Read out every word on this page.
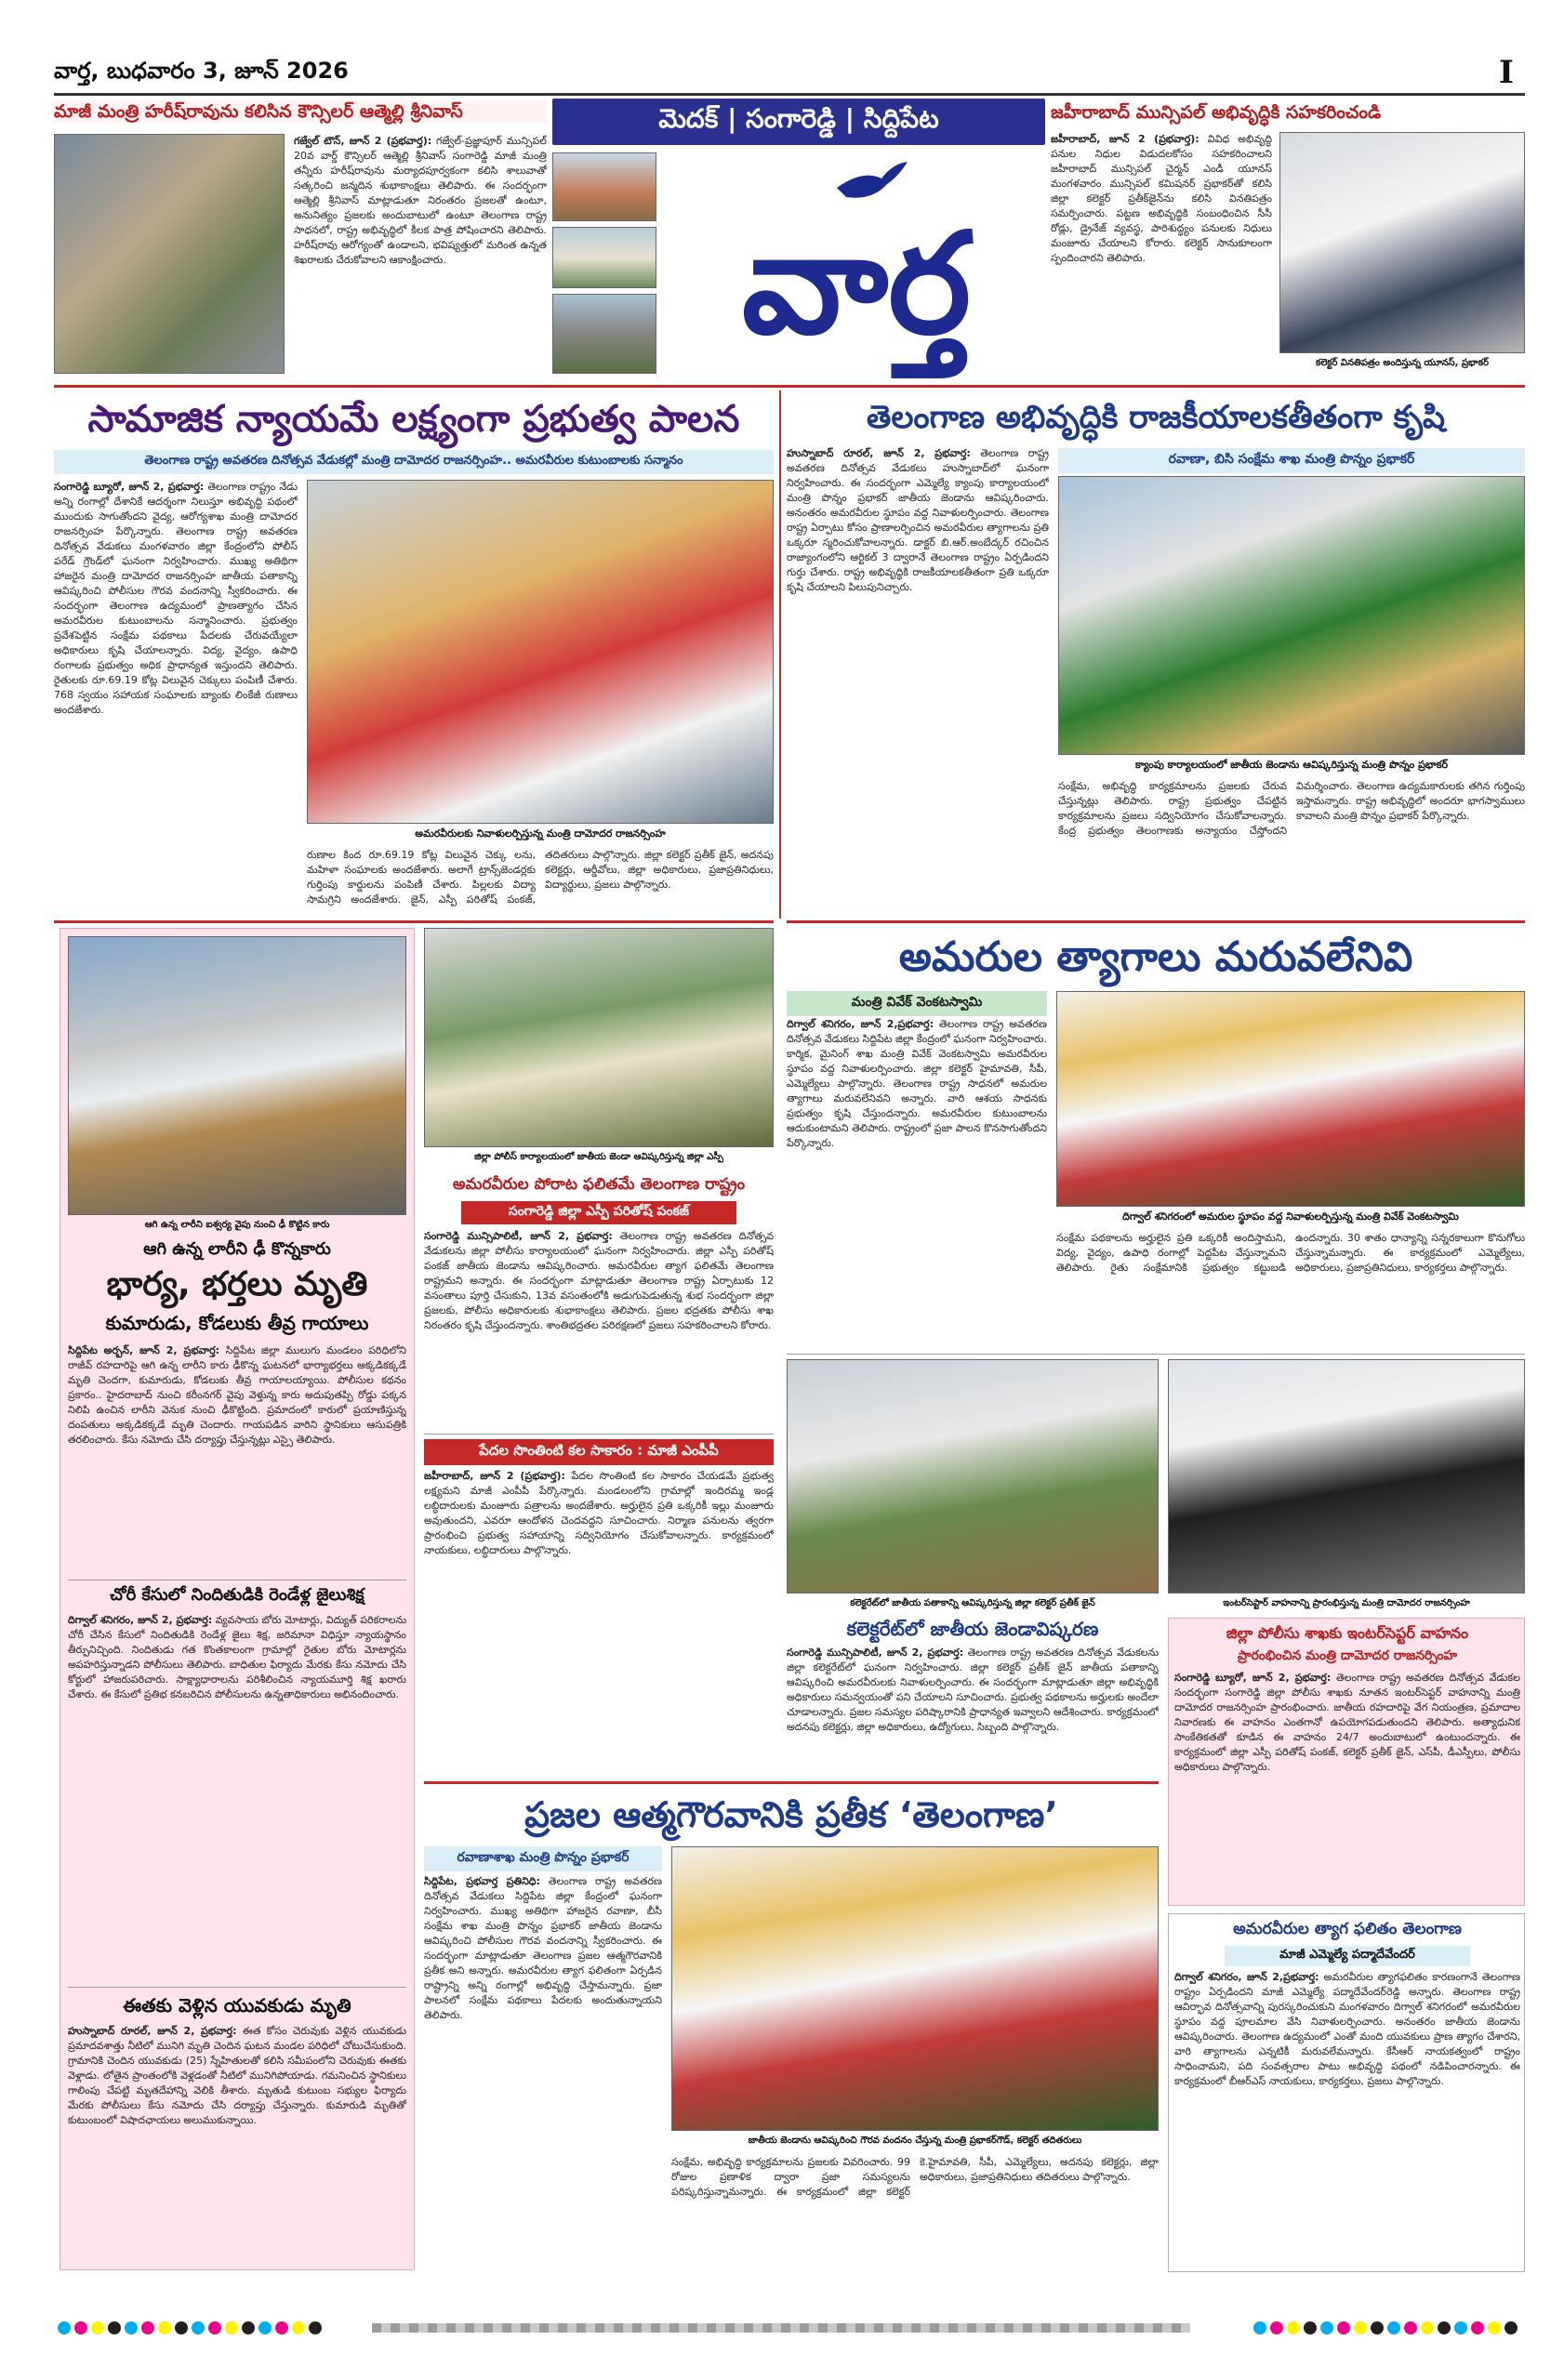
వార్త, బుధవారం 3, జూన్ 2026	I
మాజీ మంత్రి హరీష్‌రావును కలిసిన కౌన్సిలర్ ఆత్మెల్లి శ్రీనివాస్
గజ్వేల్ టౌన్, జూన్ 2 (ప్రభవార్త): గజ్వేల్-ప్రజ్ఞాపూర్ మున్సిపల్ 20వ వార్డ్ కౌన్సిలర్ ఆత్మెల్లి శ్రీనివాస్ సంగారెడ్డి మాజీ మంత్రి తన్నీరు హరీష్‌రావును మర్యాదపూర్వకంగా కలిసి శాలువాతో సత్కరించి జన్మదిన శుభాకాంక్షలు తెలిపారు. ఈ సందర్భంగా ఆత్మెల్లి శ్రీనివాస్ మాట్లాడుతూ నిరంతరం ప్రజలతో ఉంటూ, అనునిత్యం ప్రజలకు అందుబాటులో ఉంటూ తెలంగాణ రాష్ట్ర సాధనలో, రాష్ట్ర అభివృద్ధిలో కీలక పాత్ర పోషించారని తెలిపారు. హరీష్‌రావు ఆరోగ్యంతో ఉండాలని, భవిష్యత్తులో మరింత ఉన్నత శిఖరాలకు చేరుకోవాలని ఆకాంక్షించారు.
మెదక్ | సంగారెడ్డి | సిద్దిపేట
వార్త
జహీరాబాద్ మున్సిపల్ అభివృద్ధికి సహకరించండి
జహీరాబాద్, జూన్ 2 (ప్రభవార్త): వివిధ అభివృద్ధి పనుల నిధుల విడుదలకోసం సహకరించాలని జహీరాబాద్ మున్సిపల్ చైర్మన్ ఎండీ యూనస్ మంగళవారం మున్సిపల్ కమిషనర్ ప్రభాకర్‌తో కలిసి జిల్లా కలెక్టర్ ప్రతీక్‌జైన్‌ను కలిసి వినతిపత్రం సమర్పించారు. పట్టణ అభివృద్ధికి సంబంధించిన సీసీ రోడ్లు, డ్రైనేజ్ వ్యవస్థ, పారిశుద్ధ్యం పనులకు నిధులు మంజూరు చేయాలని కోరారు. కలెక్టర్ సానుకూలంగా స్పందించారని తెలిపారు.
కలెక్టర్ వినతిపత్రం అందిస్తున్న యూనస్, ప్రభాకర్
సామాజిక న్యాయమే లక్ష్యంగా ప్రభుత్వ పాలన
తెలంగాణ రాష్ట్ర అవతరణ దినోత్సవ వేడుకల్లో మంత్రి దామోదర రాజనర్సింహ.. అమరవీరుల కుటుంబాలకు సన్మానం
సంగారెడ్డి బ్యూరో, జూన్ 2, ప్రభవార్త: తెలంగాణ రాష్ట్రం నేడు అన్ని రంగాల్లో దేశానికే ఆదర్శంగా నిలుస్తూ అభివృద్ధి పథంలో ముందుకు సాగుతోందని వైద్య, ఆరోగ్యశాఖ మంత్రి దామోదర రాజనర్సింహ పేర్కొన్నారు. తెలంగాణ రాష్ట్ర అవతరణ దినోత్సవ వేడుకలు మంగళవారం జిల్లా కేంద్రంలోని పోలీస్ పరేడ్ గ్రౌండ్‌లో ఘనంగా నిర్వహించారు. ముఖ్య అతిథిగా హాజరైన మంత్రి దామోదర రాజనర్సింహ జాతీయ పతాకాన్ని ఆవిష్కరించి పోలీసుల గౌరవ వందనాన్ని స్వీకరించారు. ఈ సందర్భంగా తెలంగాణ ఉద్యమంలో ప్రాణత్యాగం చేసిన అమరవీరుల కుటుంబాలను సన్మానించారు. ప్రభుత్వం ప్రవేశపెట్టిన సంక్షేమ పథకాలు పేదలకు చేరువయ్యేలా అధికారులు కృషి చేయాలన్నారు. విద్య, వైద్యం, ఉపాధి రంగాలకు ప్రభుత్వం అధిక ప్రాధాన్యత ఇస్తుందని తెలిపారు. రైతులకు రూ.69.19 కోట్ల విలువైన చెక్కులు పంపిణీ చేశారు. 768 స్వయం సహాయక సంఘాలకు బ్యాంకు లింకేజీ రుణాలు అందజేశారు.
అమరవీరులకు నివాళులర్పిస్తున్న మంత్రి దామోదర రాజనర్సింహ
రుణాల కింద రూ.69.19 కోట్ల విలువైన చెక్కు లను, మహిళా సంఘాలకు అందజేశారు. అలాగే ట్రాన్స్‌జెండర్లకు గుర్తింపు కార్డులను పంపిణీ చేశారు. పిల్లలకు విద్యా సామగ్రిని అందజేశారు. జైన్, ఎస్పీ పరితోష్ పంకజ్, తదితరులు పాల్గొన్నారు. జిల్లా కలెక్టర్ ప్రతీక్ జైన్, అదనపు కలెక్టర్లు, ఆర్డీవోలు, జిల్లా అధికారులు, ప్రజాప్రతినిధులు, విద్యార్థులు, ప్రజలు పాల్గొన్నారు.
తెలంగాణ అభివృద్ధికి రాజకీయాలకతీతంగా కృషి
హుస్నాబాద్ రూరల్, జూన్ 2, ప్రభవార్త: తెలంగాణ రాష్ట్ర అవతరణ దినోత్సవ వేడుకలు హుస్నాబాద్‌లో ఘనంగా నిర్వహించారు. ఈ సందర్భంగా ఎమ్మెల్యే క్యాంపు కార్యాలయంలో మంత్రి పొన్నం ప్రభాకర్ జాతీయ జెండాను ఆవిష్కరించారు. అనంతరం అమరవీరుల స్థూపం వద్ద నివాళులర్పించారు. తెలంగాణ రాష్ట్ర ఏర్పాటు కోసం ప్రాణాలర్పించిన అమరవీరుల త్యాగాలను ప్రతి ఒక్కరూ స్మరించుకోవాలన్నారు. డాక్టర్ బి.ఆర్.అంబేద్కర్ రచించిన రాజ్యాంగంలోని ఆర్టికల్ 3 ద్వారానే తెలంగాణ రాష్ట్రం ఏర్పడిందని గుర్తు చేశారు. రాష్ట్ర అభివృద్ధికి రాజకీయాలకతీతంగా ప్రతి ఒక్కరూ కృషి చేయాలని పిలుపునిచ్చారు.
రవాణా, బిసి సంక్షేమ శాఖ మంత్రి పొన్నం ప్రభాకర్
క్యాంపు కార్యాలయంలో జాతీయ జెండాను ఆవిష్కరిస్తున్న మంత్రి పొన్నం ప్రభాకర్
సంక్షేమ, అభివృద్ధి కార్యక్రమాలను ప్రజలకు చేరువ చేస్తున్నట్లు తెలిపారు. రాష్ట్ర ప్రభుత్వం చేపట్టిన కార్యక్రమాలను ప్రజలు సద్వినియోగం చేసుకోవాలన్నారు. కేంద్ర ప్రభుత్వం తెలంగాణకు అన్యాయం చేస్తోందని విమర్శించారు. తెలంగాణ ఉద్యమకారులకు తగిన గుర్తింపు ఇస్తామన్నారు. రాష్ట్ర అభివృద్ధిలో అందరూ భాగస్వాములు కావాలని మంత్రి పొన్నం ప్రభాకర్ పేర్కొన్నారు.
ఆగి ఉన్న లారీని ఐశ్వర్య వైపు నుంచి ఢీ కొట్టిన కారు
ఆగి ఉన్న లారీని ఢీ కొన్నకారు
భార్య, భర్తలు మృతి
కుమారుడు, కోడలుకు తీవ్ర గాయాలు
సిద్దిపేట అర్బన్, జూన్ 2, ప్రభవార్త: సిద్దిపేట జిల్లా ములుగు మండలం పరిధిలోని రాజీవ్ రహదారిపై ఆగి ఉన్న లారీని కారు ఢీకొన్న ఘటనలో భార్యాభర్తలు అక్కడికక్కడే మృతి చెందగా, కుమారుడు, కోడలుకు తీవ్ర గాయాలయ్యాయి. పోలీసుల కథనం ప్రకారం.. హైదరాబాద్ నుంచి కరీంనగర్ వైపు వెళ్తున్న కారు అదుపుతప్పి రోడ్డు పక్కన నిలిపి ఉంచిన లారీని వెనుక నుంచి ఢీకొట్టింది. ప్రమాదంలో కారులో ప్రయాణిస్తున్న దంపతులు అక్కడికక్కడే మృతి చెందారు. గాయపడిన వారిని స్థానికులు ఆసుపత్రికి తరలించారు. కేసు నమోదు చేసి దర్యాప్తు చేస్తున్నట్లు ఎస్సై తెలిపారు.
చోరీ కేసులో నిందితుడికి రెండేళ్ల జైలుశిక్ష
దిగ్వాల్ శనిగరం, జూన్ 2, ప్రభవార్త: వ్యవసాయ బోరు మోటార్లు, విద్యుత్ పరికరాలను చోరీ చేసిన కేసులో నిందితుడికి రెండేళ్ల జైలు శిక్ష, జరిమానా విధిస్తూ న్యాయస్థానం తీర్పునిచ్చింది. నిందితుడు గత కొంతకాలంగా గ్రామాల్లో రైతుల బోరు మోటార్లను అపహరిస్తున్నాడని పోలీసులు తెలిపారు. బాధితుల ఫిర్యాదు మేరకు కేసు నమోదు చేసి కోర్టులో హాజరుపరిచారు. సాక్ష్యాధారాలను పరిశీలించిన న్యాయమూర్తి శిక్ష ఖరారు చేశారు. ఈ కేసులో ప్రతిభ కనబరిచిన పోలీసులను ఉన్నతాధికారులు అభినందించారు.
ఈతకు వెళ్లిన యువకుడు మృతి
హుస్నాబాద్ రూరల్, జూన్ 2, ప్రభవార్త: ఈత కోసం చెరువుకు వెళ్లిన యువకుడు ప్రమాదవశాత్తు నీటిలో మునిగి మృతి చెందిన ఘటన మండల పరిధిలో చోటుచేసుకుంది. గ్రామానికి చెందిన యువకుడు (25) స్నేహితులతో కలిసి సమీపంలోని చెరువుకు ఈతకు వెళ్లాడు. లోతైన ప్రాంతంలోకి వెళ్లడంతో నీటిలో మునిగిపోయాడు. గమనించిన స్థానికులు గాలింపు చేపట్టి మృతదేహాన్ని వెలికి తీశారు. మృతుడి కుటుంబ సభ్యుల ఫిర్యాదు మేరకు పోలీసులు కేసు నమోదు చేసి దర్యాప్తు చేస్తున్నారు. కుమారుడి మృతితో కుటుంబంలో విషాదఛాయలు అలుముకున్నాయి.
జిల్లా పోలీస్ కార్యాలయంలో జాతీయ జెండా ఆవిష్కరిస్తున్న జిల్లా ఎస్పీ
అమరవీరుల పోరాట ఫలితమే తెలంగాణ రాష్ట్రం
సంగారెడ్డి జిల్లా ఎస్పీ పరితోష్ పంకజ్
సంగారెడ్డి మున్సిపాలిటీ, జూన్ 2, ప్రభవార్త: తెలంగాణ రాష్ట్ర అవతరణ దినోత్సవ వేడుకలను జిల్లా పోలీసు కార్యాలయంలో ఘనంగా నిర్వహించారు. జిల్లా ఎస్పీ పరితోష్ పంకజ్ జాతీయ జెండాను ఆవిష్కరించారు. అమరవీరుల త్యాగ ఫలితమే తెలంగాణ రాష్ట్రమని అన్నారు. ఈ సందర్భంగా మాట్లాడుతూ తెలంగాణ రాష్ట్ర ఏర్పాటుకు 12 వసంతాలు పూర్తి చేసుకుని, 13వ వసంతంలోకి అడుగుపెడుతున్న శుభ సందర్భంగా జిల్లా ప్రజలకు, పోలీసు అధికారులకు శుభాకాంక్షలు తెలిపారు. ప్రజల భద్రతకు పోలీసు శాఖ నిరంతరం కృషి చేస్తుందన్నారు. శాంతిభద్రతల పరిరక్షణలో ప్రజలు సహకరించాలని కోరారు.
పేదల సొంతింటి కల సాకారం : మాజీ ఎంపీపీ
జహీరాబాద్, జూన్ 2 (ప్రభవార్త): పేదల సొంతింటి కల సాకారం చేయడమే ప్రభుత్వ లక్ష్యమని మాజీ ఎంపీపీ పేర్కొన్నారు. మండలంలోని గ్రామాల్లో ఇందిరమ్మ ఇండ్ల లబ్ధిదారులకు మంజూరు పత్రాలను అందజేశారు. అర్హులైన ప్రతి ఒక్కరికీ ఇల్లు మంజూరు అవుతుందని, ఎవరూ ఆందోళన చెందవద్దని సూచించారు. నిర్మాణ పనులను త్వరగా ప్రారంభించి ప్రభుత్వ సహాయాన్ని సద్వినియోగం చేసుకోవాలన్నారు. కార్యక్రమంలో నాయకులు, లబ్ధిదారులు పాల్గొన్నారు.
అమరుల త్యాగాలు మరువలేనివి
మంత్రి వివేక్ వెంకటస్వామి
దిగ్వాల్ శనిగరం, జూన్ 2,ప్రభవార్త: తెలంగాణ రాష్ట్ర అవతరణ దినోత్సవ వేడుకలు సిద్దిపేట జిల్లా కేంద్రంలో ఘనంగా నిర్వహించారు. కార్మిక, మైనింగ్ శాఖ మంత్రి వివేక్ వెంకటస్వామి అమరవీరుల స్థూపం వద్ద నివాళులర్పించారు. జిల్లా కలెక్టర్ హైమావతి, సీపీ, ఎమ్మెల్యేలు పాల్గొన్నారు. తెలంగాణ రాష్ట్ర సాధనలో అమరుల త్యాగాలు మరువలేనివని అన్నారు. వారి ఆశయ సాధనకు ప్రభుత్వం కృషి చేస్తుందన్నారు. అమరవీరుల కుటుంబాలను ఆదుకుంటామని తెలిపారు. రాష్ట్రంలో ప్రజా పాలన కొనసాగుతోందని పేర్కొన్నారు.
దిగ్వాల్ శనిగరంలో అమరుల స్థూపం వద్ద నివాళులర్పిస్తున్న మంత్రి వివేక్ వెంకటస్వామి
సంక్షేమ పథకాలను అర్హులైన ప్రతి ఒక్కరికీ అందిస్తామని, విద్య, వైద్యం, ఉపాధి రంగాల్లో పెద్దపీట వేస్తున్నామని తెలిపారు. రైతు సంక్షేమానికి ప్రభుత్వం కట్టుబడి ఉందన్నారు. 30 శాతం ధాన్యాన్ని సన్నరకాలుగా కొనుగోలు చేస్తున్నామన్నారు. ఈ కార్యక్రమంలో ఎమ్మెల్యేలు, అధికారులు, ప్రజాప్రతినిధులు, కార్యకర్తలు పాల్గొన్నారు.
కలెక్టరేట్‌లో జాతీయ పతాకాన్ని ఆవిష్కరిస్తున్న జిల్లా కలెక్టర్ ప్రతీక్ జైన్	ఇంటర్‌సెప్టార్ వాహనాన్ని ప్రారంభిస్తున్న మంత్రి దామోదర రాజనర్సింహ
కలెక్టరేట్‌లో జాతీయ జెండావిష్కరణ
సంగారెడ్డి మున్సిపాలిటీ, జూన్ 2, ప్రభవార్త: తెలంగాణ రాష్ట్ర అవతరణ దినోత్సవ వేడుకలను జిల్లా కలెక్టరేట్‌లో ఘనంగా నిర్వహించారు. జిల్లా కలెక్టర్ ప్రతీక్ జైన్ జాతీయ పతాకాన్ని ఆవిష్కరించి అమరవీరులకు నివాళులర్పించారు. ఈ సందర్భంగా మాట్లాడుతూ జిల్లా అభివృద్ధికి అధికారులు సమన్వయంతో పని చేయాలని సూచించారు. ప్రభుత్వ పథకాలను అర్హులకు అందేలా చూడాలన్నారు. ప్రజల సమస్యల పరిష్కారానికి ప్రాధాన్యత ఇవ్వాలని ఆదేశించారు. కార్యక్రమంలో అదనపు కలెక్టర్లు, జిల్లా అధికారులు, ఉద్యోగులు, సిబ్బంది పాల్గొన్నారు.
జిల్లా పోలీసు శాఖకు ఇంటర్‌సెప్టర్ వాహనం
ప్రారంభించిన మంత్రి దామోదర రాజనర్సింహ
సంగారెడ్డి బ్యూరో, జూన్ 2, ప్రభవార్త: తెలంగాణ రాష్ట్ర అవతరణ దినోత్సవ వేడుకల సందర్భంగా సంగారెడ్డి జిల్లా పోలీసు శాఖకు నూతన ఇంటర్‌సెప్టర్ వాహనాన్ని మంత్రి దామోదర రాజనర్సింహ ప్రారంభించారు. జాతీయ రహదారిపై వేగ నియంత్రణ, ప్రమాదాల నివారణకు ఈ వాహనం ఎంతగానో ఉపయోగపడుతుందని తెలిపారు. అత్యాధునిక సాంకేతికతతో కూడిన ఈ వాహనం 24/7 అందుబాటులో ఉంటుందన్నారు. ఈ కార్యక్రమంలో జిల్లా ఎస్పీ పరితోష్ పంకజ్, కలెక్టర్ ప్రతీక్ జైన్, ఎస్‌పీ, డీఎస్పీలు, పోలీసు అధికారులు పాల్గొన్నారు.
ప్రజల ఆత్మగౌరవానికి ప్రతీక ‘తెలంగాణ’
రవాణాశాఖ మంత్రి పొన్నం ప్రభాకర్
సిద్దిపేట, ప్రభవార్త ప్రతినిధి: తెలంగాణ రాష్ట్ర అవతరణ దినోత్సవ వేడుకలు సిద్దిపేట జిల్లా కేంద్రంలో ఘనంగా నిర్వహించారు. ముఖ్య అతిథిగా హాజరైన రవాణా, బీసీ సంక్షేమ శాఖ మంత్రి పొన్నం ప్రభాకర్ జాతీయ జెండాను ఆవిష్కరించి పోలీసుల గౌరవ వందనాన్ని స్వీకరించారు. ఈ సందర్భంగా మాట్లాడుతూ తెలంగాణ ప్రజల ఆత్మగౌరవానికి ప్రతీక అని అన్నారు. అమరవీరుల త్యాగ ఫలితంగా ఏర్పడిన రాష్ట్రాన్ని అన్ని రంగాల్లో అభివృద్ధి చేస్తామన్నారు. ప్రజా పాలనలో సంక్షేమ పథకాలు పేదలకు అందుతున్నాయని తెలిపారు.
జాతీయ జెండాను ఆవిష్కరించి గౌరవ వందనం చేస్తున్న మంత్రి ప్రభాకర్‌గౌడ్, కలెక్టర్ తదితరులు
సంక్షేమ, అభివృద్ధి కార్యక్రమాలను ప్రజలకు వివరించారు. 99 రోజుల ప్రణాళిక ద్వారా ప్రజా సమస్యలను పరిష్కరిస్తున్నామన్నారు. ఈ కార్యక్రమంలో జిల్లా కలెక్టర్ కె.హైమావతి, సీపీ, ఎమ్మెల్యేలు, అదనపు కలెక్టర్లు, జిల్లా అధికారులు, ప్రజాప్రతినిధులు తదితరులు పాల్గొన్నారు.
అమరవీరుల త్యాగ ఫలితం తెలంగాణ
మాజీ ఎమ్మెల్యే పద్మాదేవేందర్
దిగ్వాల్ శనిగరం, జూన్ 2,ప్రభవార్త: అమరవీరుల త్యాగఫలితం కారణంగానే తెలంగాణ రాష్ట్రం ఏర్పడిందని మాజీ ఎమ్మెల్యే పద్మాదేవేందర్‌రెడ్డి అన్నారు. తెలంగాణ రాష్ట్ర ఆవిర్భావ దినోత్సవాన్ని పురస్కరించుకుని మంగళవారం దిగ్వాల్ శనిగరంలో అమరవీరుల స్థూపం వద్ద పూలమాల వేసి నివాళులర్పించారు. అనంతరం జాతీయ జెండాను ఆవిష్కరించారు. తెలంగాణ ఉద్యమంలో ఎంతో మంది యువకులు ప్రాణ త్యాగం చేశారని, వారి త్యాగాలను ఎన్నటికీ మరువలేమన్నారు. కేసీఆర్ నాయకత్వంలో రాష్ట్రం సాధించామని, పది సంవత్సరాల పాటు అభివృద్ధి పథంలో నడిపించారన్నారు. ఈ కార్యక్రమంలో బీఆర్ఎస్ నాయకులు, కార్యకర్తలు, ప్రజలు పాల్గొన్నారు.
